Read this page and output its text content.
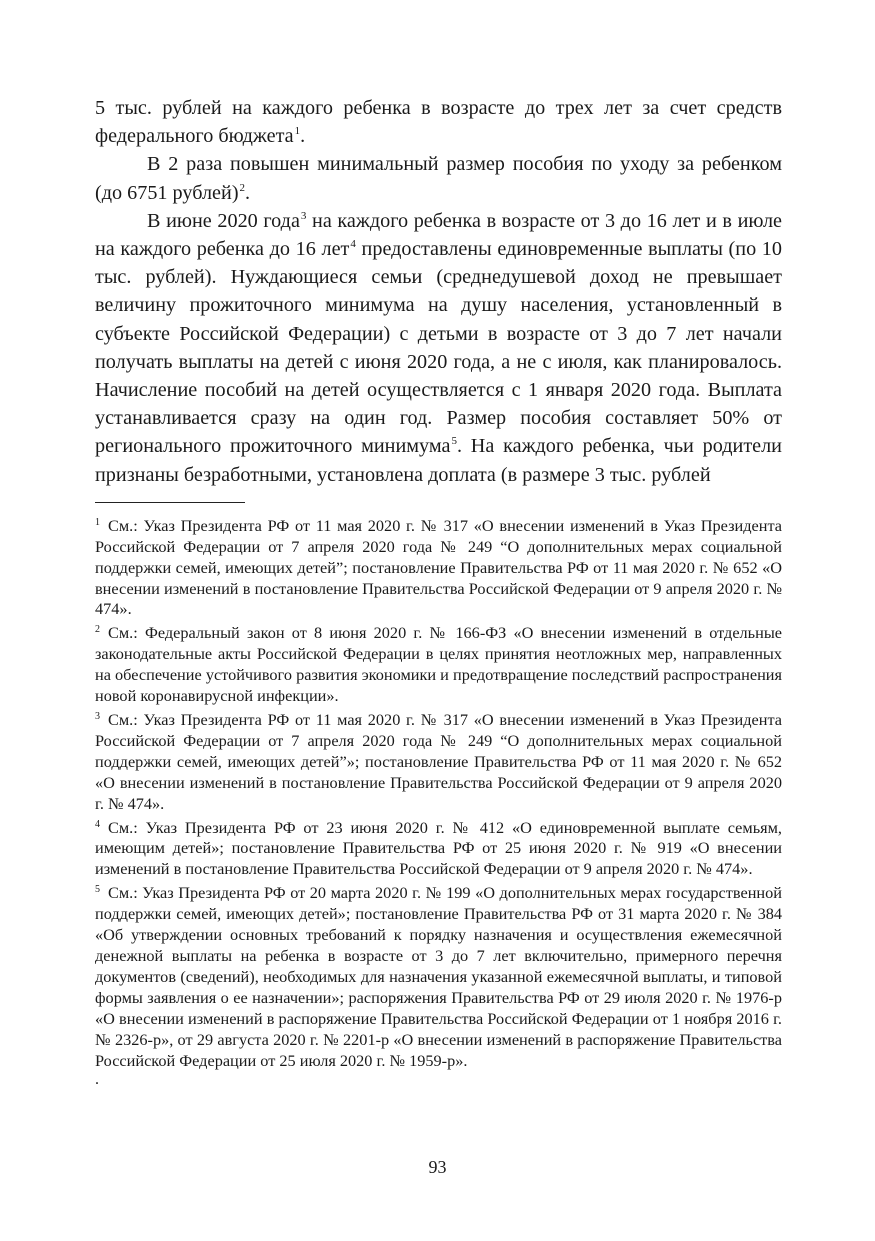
5 тыс. рублей на каждого ребенка в возрасте до трех лет за счет средств федерального бюджета$^1$.

В 2 раза повышен минимальный размер пособия по уходу за ребенком (до 6751 рублей)$^2$.

В июне 2020 года$^3$ на каждого ребенка в возрасте от 3 до 16 лет и в июле на каждого ребенка до 16 лет$^4$ предоставлены единовременные выплаты (по 10 тыс. рублей). Нуждающиеся семьи (среднедушевой доход не превышает величину прожиточного минимума на душу населения, установленный в субъекте Российской Федерации) с детьми в возрасте от 3 до 7 лет начали получать выплаты на детей с июня 2020 года, а не с июля, как планировалось. Начисление пособий на детей осуществляется с 1 января 2020 года. Выплата устанавливается сразу на один год. Размер пособия составляет 50% от регионального прожиточного минимума$^5$. На каждого ребенка, чьи родители признаны безработными, установлена доплата (в размере 3 тыс. рублей

$^1$ См.: Указ Президента РФ от 11 мая 2020 г. № 317 «О внесении изменений в Указ Президента Российской Федерации от 7 апреля 2020 года № 249 “О дополнительных мерах социальной поддержки семей, имеющих детей”; постановление Правительства РФ от 11 мая 2020 г. № 652 «О внесении изменений в постановление Правительства Российской Федерации от 9 апреля 2020 г. № 474».

$^2$ См.: Федеральный закон от 8 июня 2020 г. № 166-ФЗ «О внесении изменений в отдельные законодательные акты Российской Федерации в целях принятия неотложных мер, направленных на обеспечение устойчивого развития экономики и предотвращение последствий распространения новой коронавирусной инфекции».

$^3$ См.: Указ Президента РФ от 11 мая 2020 г. № 317 «О внесении изменений в Указ Президента Российской Федерации от 7 апреля 2020 года № 249 “О дополнительных мерах социальной поддержки семей, имеющих детей”»; постановление Правительства РФ от 11 мая 2020 г. № 652 «О внесении изменений в постановление Правительства Российской Федерации от 9 апреля 2020 г. № 474».

$^4$ См.: Указ Президента РФ от 23 июня 2020 г. № 412 «О единовременной выплате семьям, имеющим детей»; постановление Правительства РФ от 25 июня 2020 г. № 919 «О внесении изменений в постановление Правительства Российской Федерации от 9 апреля 2020 г. № 474».

$^5$ См.: Указ Президента РФ от 20 марта 2020 г. № 199 «О дополнительных мерах государственной поддержки семей, имеющих детей»; постановление Правительства РФ от 31 марта 2020 г. № 384 «Об утверждении основных требований к порядку назначения и осуществления ежемесячной денежной выплаты на ребенка в возрасте от 3 до 7 лет включительно, примерного перечня документов (сведений), необходимых для назначения указанной ежемесячной выплаты, и типовой формы заявления о ее назначении»; распоряжения Правительства РФ от 29 июля 2020 г. № 1976-р «О внесении изменений в распоряжение Правительства Российской Федерации от 1 ноября 2016 г. № 2326-р», от 29 августа 2020 г. № 2201-р «О внесении изменений в распоряжение Правительства Российской Федерации от 25 июля 2020 г. № 1959-р».

.
93
